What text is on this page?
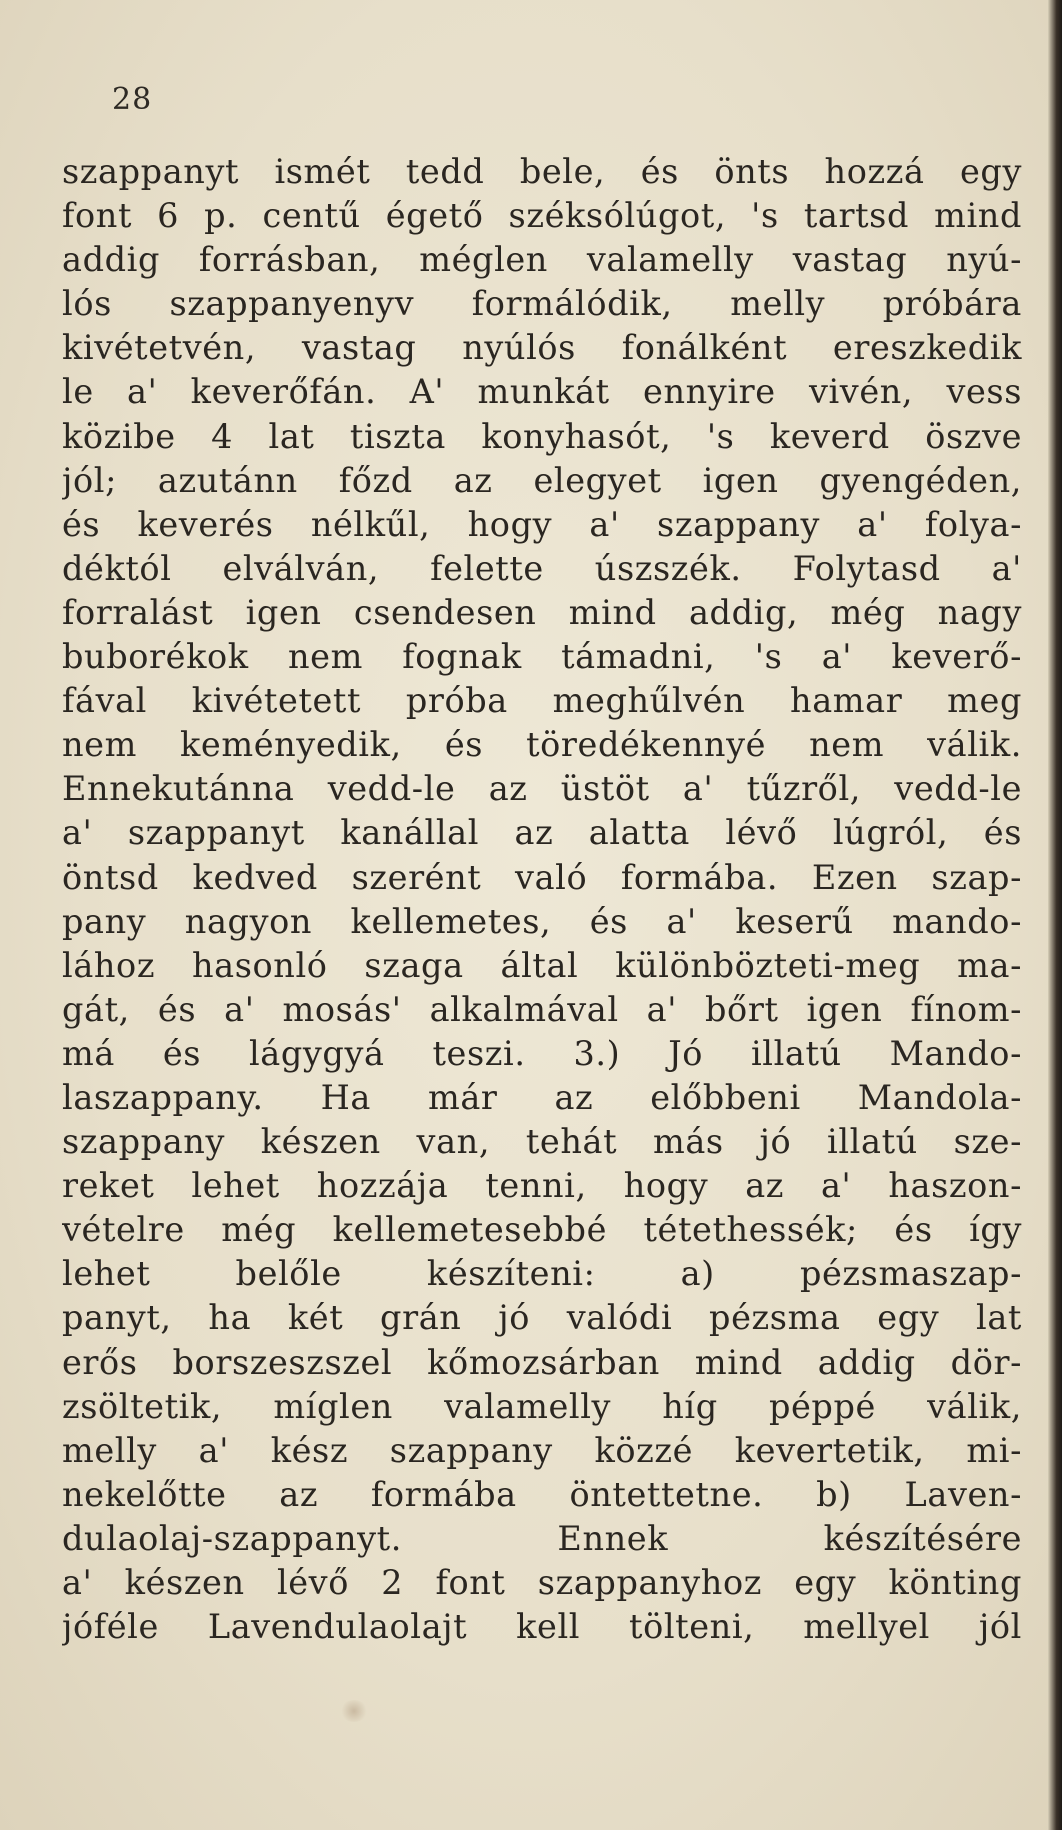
28
szappanyt ismét tedd bele, és önts hozzá egy
font 6 p. centű égető széksólúgot, 's tartsd mind
addig forrásban, méglen valamelly vastag nyú-
lós szappanyenyv formálódik, melly próbára
kivétetvén, vastag nyúlós fonálként ereszkedik
le a' keverőfán. A' munkát ennyire vivén, vess
közibe 4 lat tiszta konyhasót, 's keverd öszve
jól; azutánn főzd az elegyet igen gyengéden,
és keverés nélkűl, hogy a' szappany a' folya-
déktól elválván, felette úszszék. Folytasd a'
forralást igen csendesen mind addig, még nagy
buborékok nem fognak támadni, 's a' keverő-
fával kivétetett próba meghűlvén hamar meg
nem keményedik, és töredékennyé nem válik.
Ennekutánna vedd-le az üstöt a' tűzről, vedd-le
a' szappanyt kanállal az alatta lévő lúgról, és
öntsd kedved szerént való formába. Ezen szap-
pany nagyon kellemetes, és a' keserű mando-
lához hasonló szaga által különbözteti-meg ma-
gát, és a' mosás' alkalmával a' bőrt igen fínom-
má és lágygyá teszi. 3.) Jó illatú Mando-
laszappany. Ha már az előbbeni Mandola-
szappany készen van, tehát más jó illatú sze-
reket lehet hozzája tenni, hogy az a' haszon-
vételre még kellemetesebbé tétethessék; és így
lehet belőle készíteni: a) pézsmaszap-
panyt, ha két grán jó valódi pézsma egy lat
erős borszeszszel kőmozsárban mind addig dör-
zsöltetik, míglen valamelly híg péppé válik,
melly a' kész szappany közzé kevertetik, mi-
nekelőtte az formába öntettetne. b) Laven-
dulaolaj-szappanyt. Ennek készítésére
a' készen lévő 2 font szappanyhoz egy könting
jóféle Lavendulaolajt kell tölteni, mellyel jól
